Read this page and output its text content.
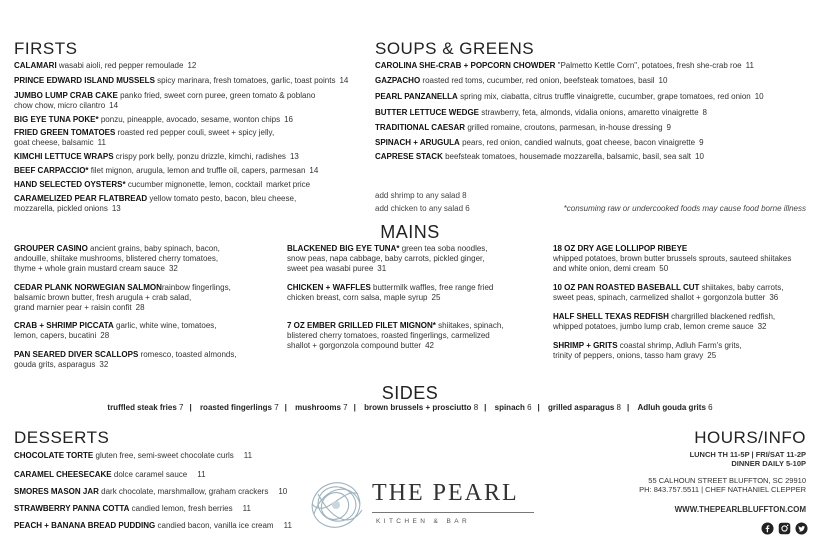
FIRSTS
CALAMARI wasabi aioli, red pepper remoulade 12
PRINCE EDWARD ISLAND MUSSELS spicy marinara, fresh tomatoes, garlic, toast points 14
JUMBO LUMP CRAB CAKE panko fried, sweet corn puree, green tomato & poblano
chow chow, micro cilantro 14
BIG EYE TUNA POKE* ponzu, pineapple, avocado, sesame, wonton chips 16
FRIED GREEN TOMATOES roasted red pepper couli, sweet + spicy jelly,
goat cheese, balsamic 11
KIMCHI LETTUCE WRAPS crispy pork belly, ponzu drizzle, kimchi, radishes 13
BEEF CARPACCIO* filet mignon, arugula, lemon and truffle oil, capers, parmesan 14
HAND SELECTED OYSTERS* cucumber mignonette, lemon, cocktail market price
CARAMELIZED PEAR FLATBREAD yellow tomato pesto, bacon, bleu cheese,
mozzarella, pickled onions 13
SOUPS & GREENS
CAROLINA SHE-CRAB + POPCORN CHOWDER "Palmetto Kettle Corn", potatoes, fresh she-crab roe 11
GAZPACHO roasted red toms, cucumber, red onion, beefsteak tomatoes, basil 10
PEARL PANZANELLA spring mix, ciabatta, citrus truffle vinaigrette, cucumber, grape tomatoes, red onion 10
BUTTER LETTUCE WEDGE strawberry, feta, almonds, vidalia onions, amaretto vinaigrette 8
TRADITIONAL CAESAR grilled romaine, croutons, parmesan, in-house dressing 9
SPINACH + ARUGULA pears, red onion, candied walnuts, goat cheese, bacon vinaigrette 9
CAPRESE STACK beefsteak tomatoes, housemade mozzarella, balsamic, basil, sea salt 10
add shrimp to any salad 8
add chicken to any salad 6	*consuming raw or undercooked foods may cause food borne illness
MAINS
GROUPER CASINO ancient grains, baby spinach, bacon,
andouille, shiitake mushrooms, blistered cherry tomatoes,
thyme + whole grain mustard cream sauce 32
CEDAR PLANK NORWEGIAN SALMONrainbow fingerlings,
balsamic brown butter, fresh arugula + crab salad,
grand marnier pear + raisin confit 28
CRAB + SHRIMP PICCATA garlic, white wine, tomatoes,
lemon, capers, bucatini 28
PAN SEARED DIVER SCALLOPS romesco, toasted almonds,
gouda grits, asparagus 32
BLACKENED BIG EYE TUNA* green tea soba noodles,
snow peas, napa cabbage, baby carrots, pickled ginger,
sweet pea wasabi puree 31
CHICKEN + WAFFLES buttermilk waffles, free range fried
chicken breast, corn salsa, maple syrup 25
7 OZ EMBER GRILLED FILET MIGNON* shiitakes, spinach,
blistered cherry tomatoes, roasted fingerlings, carmelized
shallot + gorgonzola compound butter 42
18 OZ DRY AGE LOLLIPOP RIBEYE
whipped potatoes, brown butter brussels sprouts, sauteed shiitakes
and white onion, demi cream 50
10 OZ PAN ROASTED BASEBALL CUT shiitakes, baby carrots,
sweet peas, spinach, carmelized shallot + gorgonzola butter 36
HALF SHELL TEXAS REDFISH chargrilled blackened redfish,
whipped potatoes, jumbo lump crab, lemon creme sauce 32
SHRIMP + GRITS coastal shrimp, Adluh Farm's grits,
trinity of peppers, onions, tasso ham gravy 25
SIDES
truffled steak fries 7 | roasted fingerlings 7 | mushrooms 7 | brown brussels + prosciutto 8 | spinach 6 | grilled asparagus 8 | Adluh gouda grits 6
DESSERTS
CHOCOLATE TORTE gluten free, semi-sweet chocolate curls 11
CARAMEL CHEESECAKE dolce caramel sauce 11
SMORES MASON JAR dark chocolate, marshmallow, graham crackers 10
STRAWBERRY PANNA COTTA candied lemon, fresh berries 11
PEACH + BANANA BREAD PUDDING candied bacon, vanilla ice cream 11
THE PEARL
KITCHEN & BAR
HOURS/INFO
LUNCH TH 11-5P | FRI/SAT 11-2P
DINNER DAILY 5-10P
55 CALHOUN STREET BLUFFTON, SC 29910
PH: 843.757.5511 | CHEF NATHANIEL CLEPPER
WWW.THEPEARLBLUFFTON.COM
